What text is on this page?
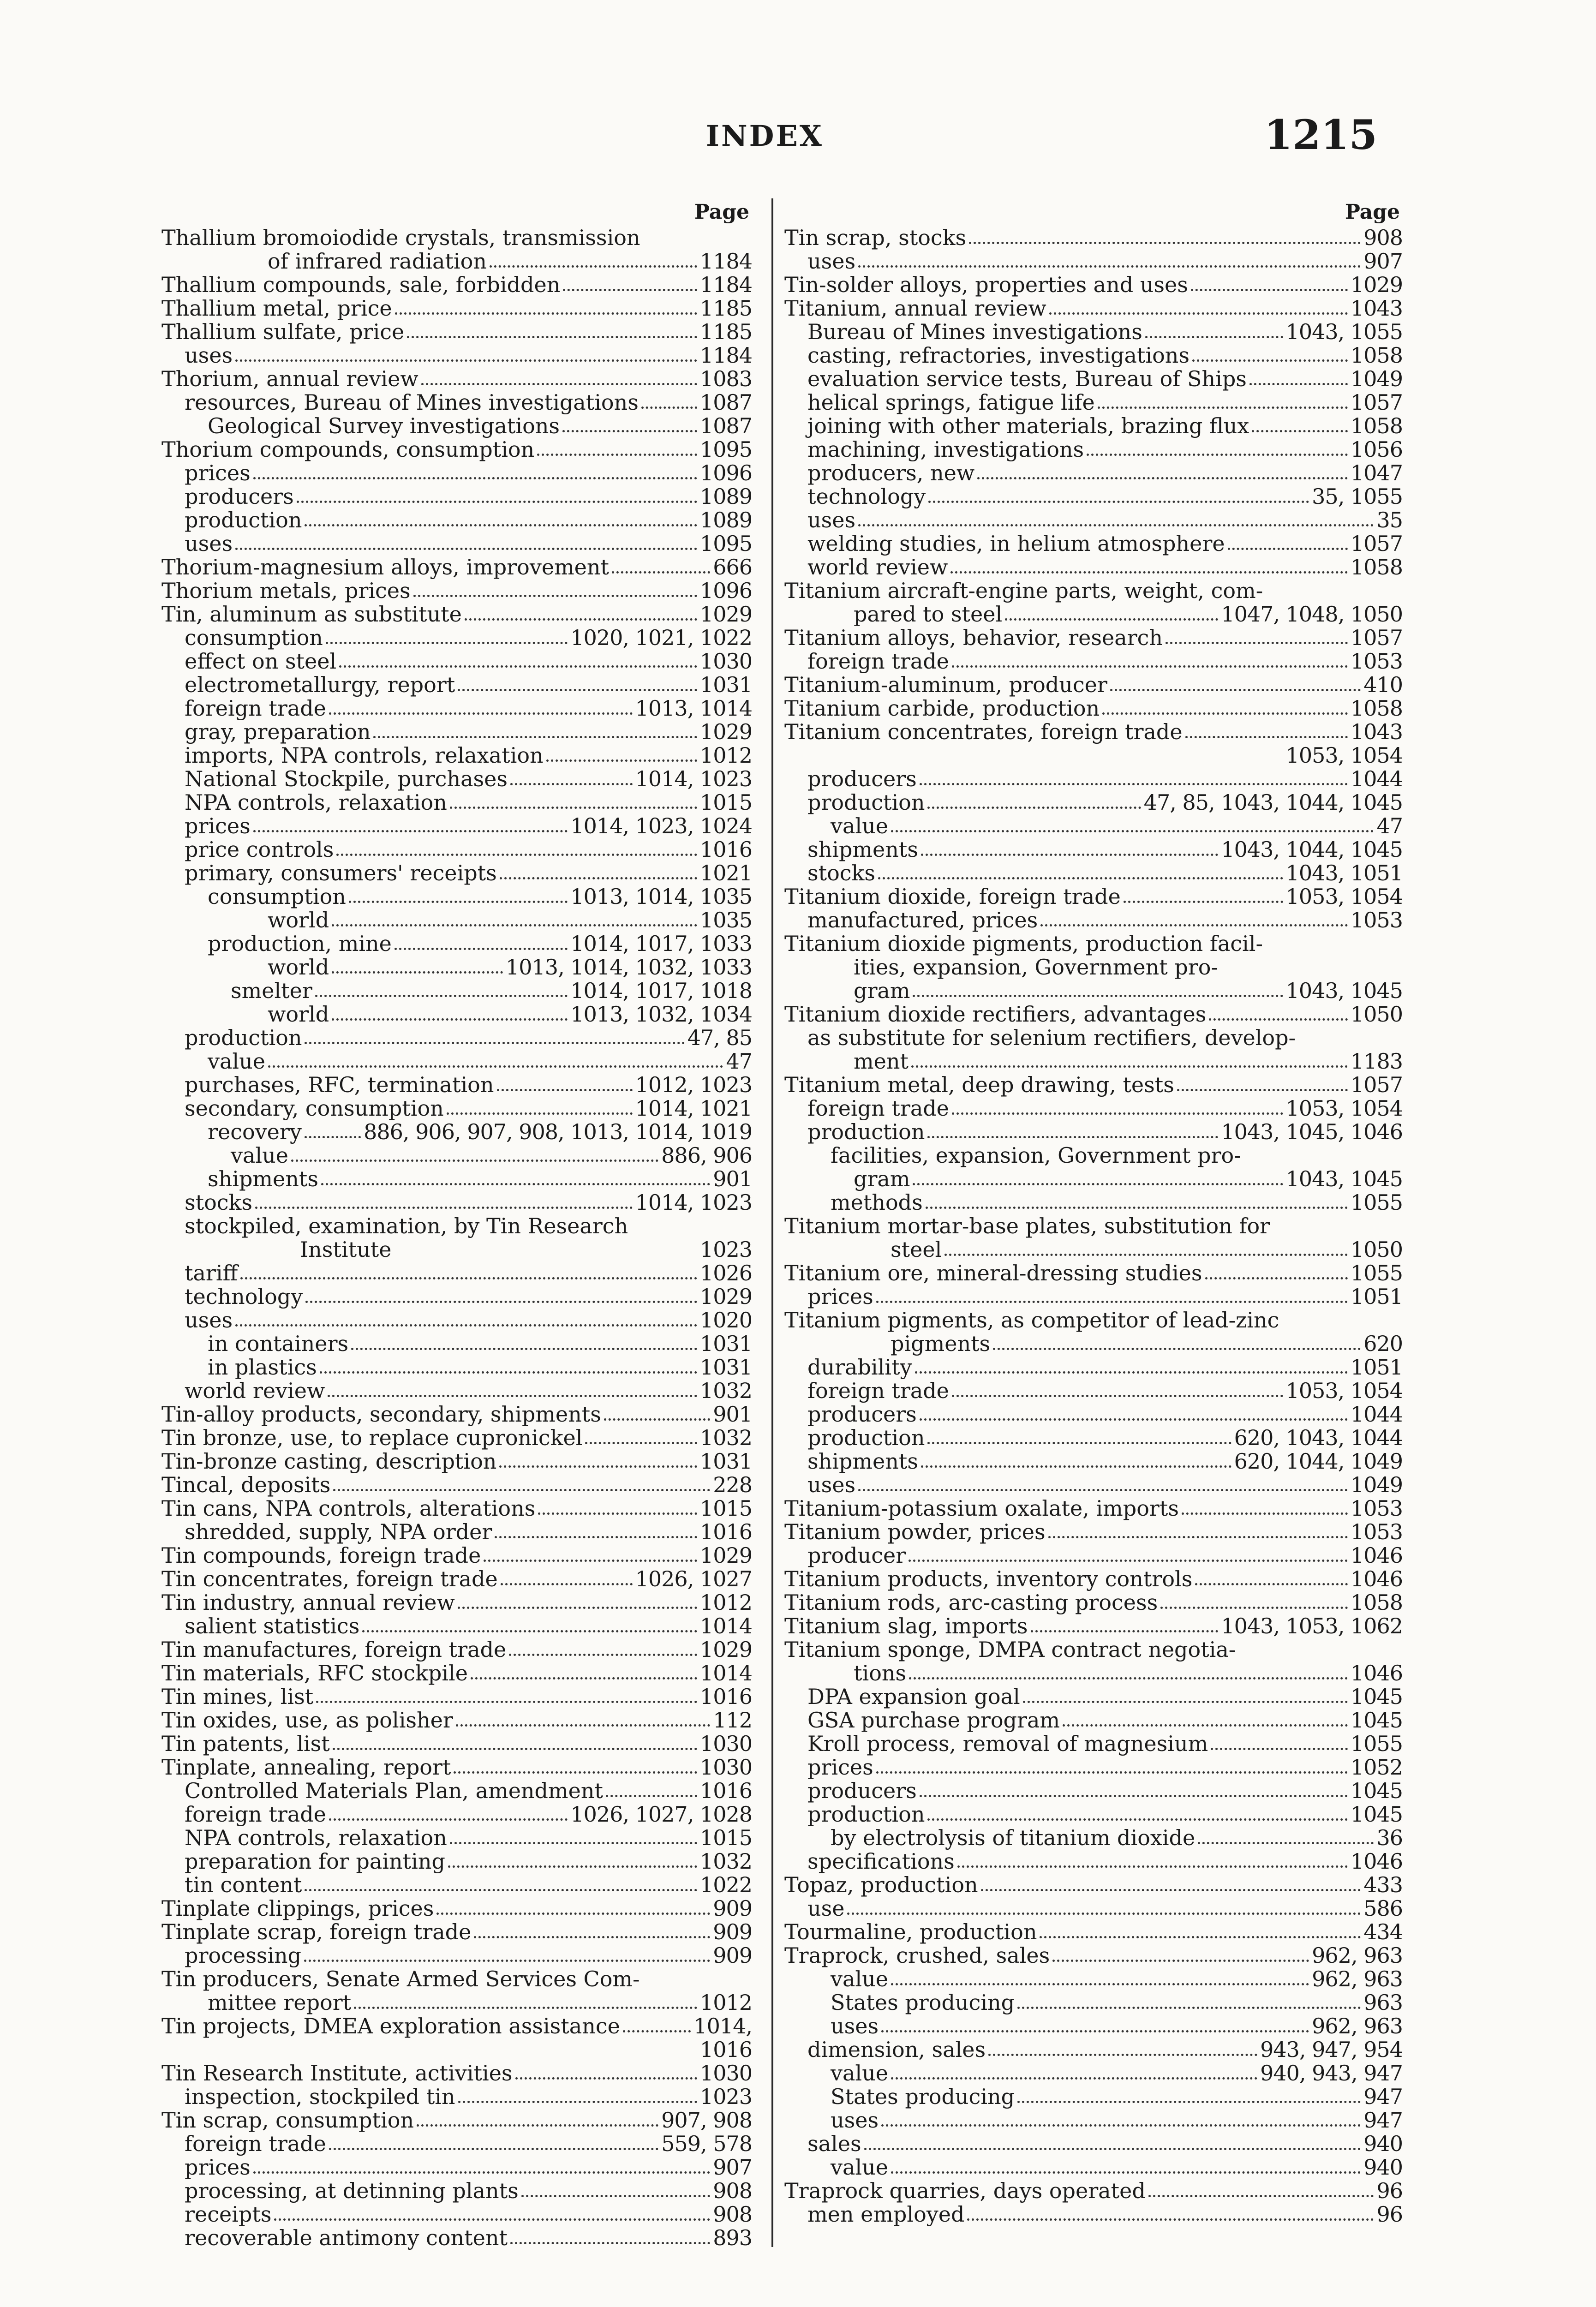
INDEX	1215
Page
Thallium bromoiodide crystals, transmission
of infrared radiation	1184
Thallium compounds, sale, forbidden	1184
Thallium metal, price	1185
Thallium sulfate, price	1185
uses	1184
Thorium, annual review	1083
resources, Bureau of Mines investigations	1087
Geological Survey investigations	1087
Thorium compounds, consumption	1095
prices	1096
producers	1089
production	1089
uses	1095
Thorium-magnesium alloys, improvement	666
Thorium metals, prices	1096
Tin, aluminum as substitute	1029
consumption	1020, 1021, 1022
effect on steel	1030
electrometallurgy, report	1031
foreign trade	1013, 1014
gray, preparation	1029
imports, NPA controls, relaxation	1012
National Stockpile, purchases	1014, 1023
NPA controls, relaxation	1015
prices	1014, 1023, 1024
price controls	1016
primary, consumers' receipts	1021
consumption	1013, 1014, 1035
world	1035
production, mine	1014, 1017, 1033
world	1013, 1014, 1032, 1033
smelter	1014, 1017, 1018
world	1013, 1032, 1034
production	47, 85
value	47
purchases, RFC, termination	1012, 1023
secondary, consumption	1014, 1021
recovery	886, 906, 907, 908, 1013, 1014, 1019
value	886, 906
shipments	901
stocks	1014, 1023
stockpiled, examination, by Tin Research
Institute	1023
tariff	1026
technology	1029
uses	1020
in containers	1031
in plastics	1031
world review	1032
Tin-alloy products, secondary, shipments	901
Tin bronze, use, to replace cupronickel	1032
Tin-bronze casting, description	1031
Tincal, deposits	228
Tin cans, NPA controls, alterations	1015
shredded, supply, NPA order	1016
Tin compounds, foreign trade	1029
Tin concentrates, foreign trade	1026, 1027
Tin industry, annual review	1012
salient statistics	1014
Tin manufactures, foreign trade	1029
Tin materials, RFC stockpile	1014
Tin mines, list	1016
Tin oxides, use, as polisher	112
Tin patents, list	1030
Tinplate, annealing, report	1030
Controlled Materials Plan, amendment	1016
foreign trade	1026, 1027, 1028
NPA controls, relaxation	1015
preparation for painting	1032
tin content	1022
Tinplate clippings, prices	909
Tinplate scrap, foreign trade	909
processing	909
Tin producers, Senate Armed Services Com-
mittee report	1012
Tin projects, DMEA exploration assistance	1014,
1016
Tin Research Institute, activities	1030
inspection, stockpiled tin	1023
Tin scrap, consumption	907, 908
foreign trade	559, 578
prices	907
processing, at detinning plants	908
receipts	908
recoverable antimony content	893
Page
Tin scrap, stocks	908
uses	907
Tin-solder alloys, properties and uses	1029
Titanium, annual review	1043
Bureau of Mines investigations	1043, 1055
casting, refractories, investigations	1058
evaluation service tests, Bureau of Ships	1049
helical springs, fatigue life	1057
joining with other materials, brazing flux	1058
machining, investigations	1056
producers, new	1047
technology	35, 1055
uses	35
welding studies, in helium atmosphere	1057
world review	1058
Titanium aircraft-engine parts, weight, com-
pared to steel	1047, 1048, 1050
Titanium alloys, behavior, research	1057
foreign trade	1053
Titanium-aluminum, producer	410
Titanium carbide, production	1058
Titanium concentrates, foreign trade	1043
1053, 1054
producers	1044
production	47, 85, 1043, 1044, 1045
value	47
shipments	1043, 1044, 1045
stocks	1043, 1051
Titanium dioxide, foreign trade	1053, 1054
manufactured, prices	1053
Titanium dioxide pigments, production facil-
ities, expansion, Government pro-
gram	1043, 1045
Titanium dioxide rectifiers, advantages	1050
as substitute for selenium rectifiers, develop-
ment	1183
Titanium metal, deep drawing, tests	1057
foreign trade	1053, 1054
production	1043, 1045, 1046
facilities, expansion, Government pro-
gram	1043, 1045
methods	1055
Titanium mortar-base plates, substitution for
steel	1050
Titanium ore, mineral-dressing studies	1055
prices	1051
Titanium pigments, as competitor of lead-zinc
pigments	620
durability	1051
foreign trade	1053, 1054
producers	1044
production	620, 1043, 1044
shipments	620, 1044, 1049
uses	1049
Titanium-potassium oxalate, imports	1053
Titanium powder, prices	1053
producer	1046
Titanium products, inventory controls	1046
Titanium rods, arc-casting process	1058
Titanium slag, imports	1043, 1053, 1062
Titanium sponge, DMPA contract negotia-
tions	1046
DPA expansion goal	1045
GSA purchase program	1045
Kroll process, removal of magnesium	1055
prices	1052
producers	1045
production	1045
by electrolysis of titanium dioxide	36
specifications	1046
Topaz, production	433
use	586
Tourmaline, production	434
Traprock, crushed, sales	962, 963
value	962, 963
States producing	963
uses	962, 963
dimension, sales	943, 947, 954
value	940, 943, 947
States producing	947
uses	947
sales	940
value	940
Traprock quarries, days operated	96
men employed	96
